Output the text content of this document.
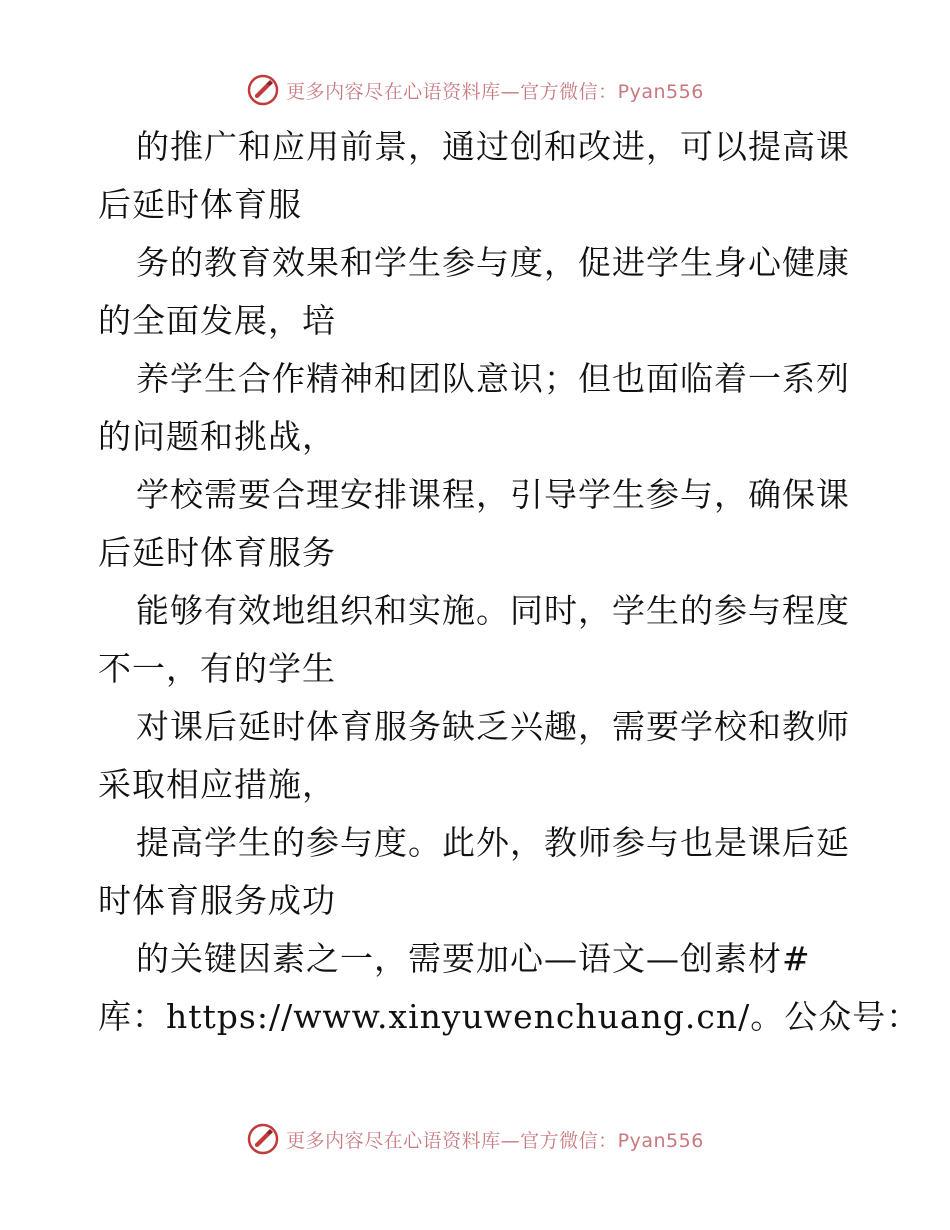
更多内容尽在心语资料库—官方微信：Pyan556
的推广和应用前景，通过创和改进，可以提高课
后延时体育服
务的教育效果和学生参与度，促进学生身心健康
的全面发展，培
养学生合作精神和团队意识；但也面临着一系列
的问题和挑战，
学校需要合理安排课程，引导学生参与，确保课
后延时体育服务
能够有效地组织和实施。同时，学生的参与程度
不一，有的学生
对课后延时体育服务缺乏兴趣，需要学校和教师
采取相应措施，
提高学生的参与度。此外，教师参与也是课后延
时体育服务成功
的关键因素之一，需要加心—语文—创素材#
库：https://www.xinyuwenchuang.cn/。公众号：
更多内容尽在心语资料库—官方微信：Pyan556
